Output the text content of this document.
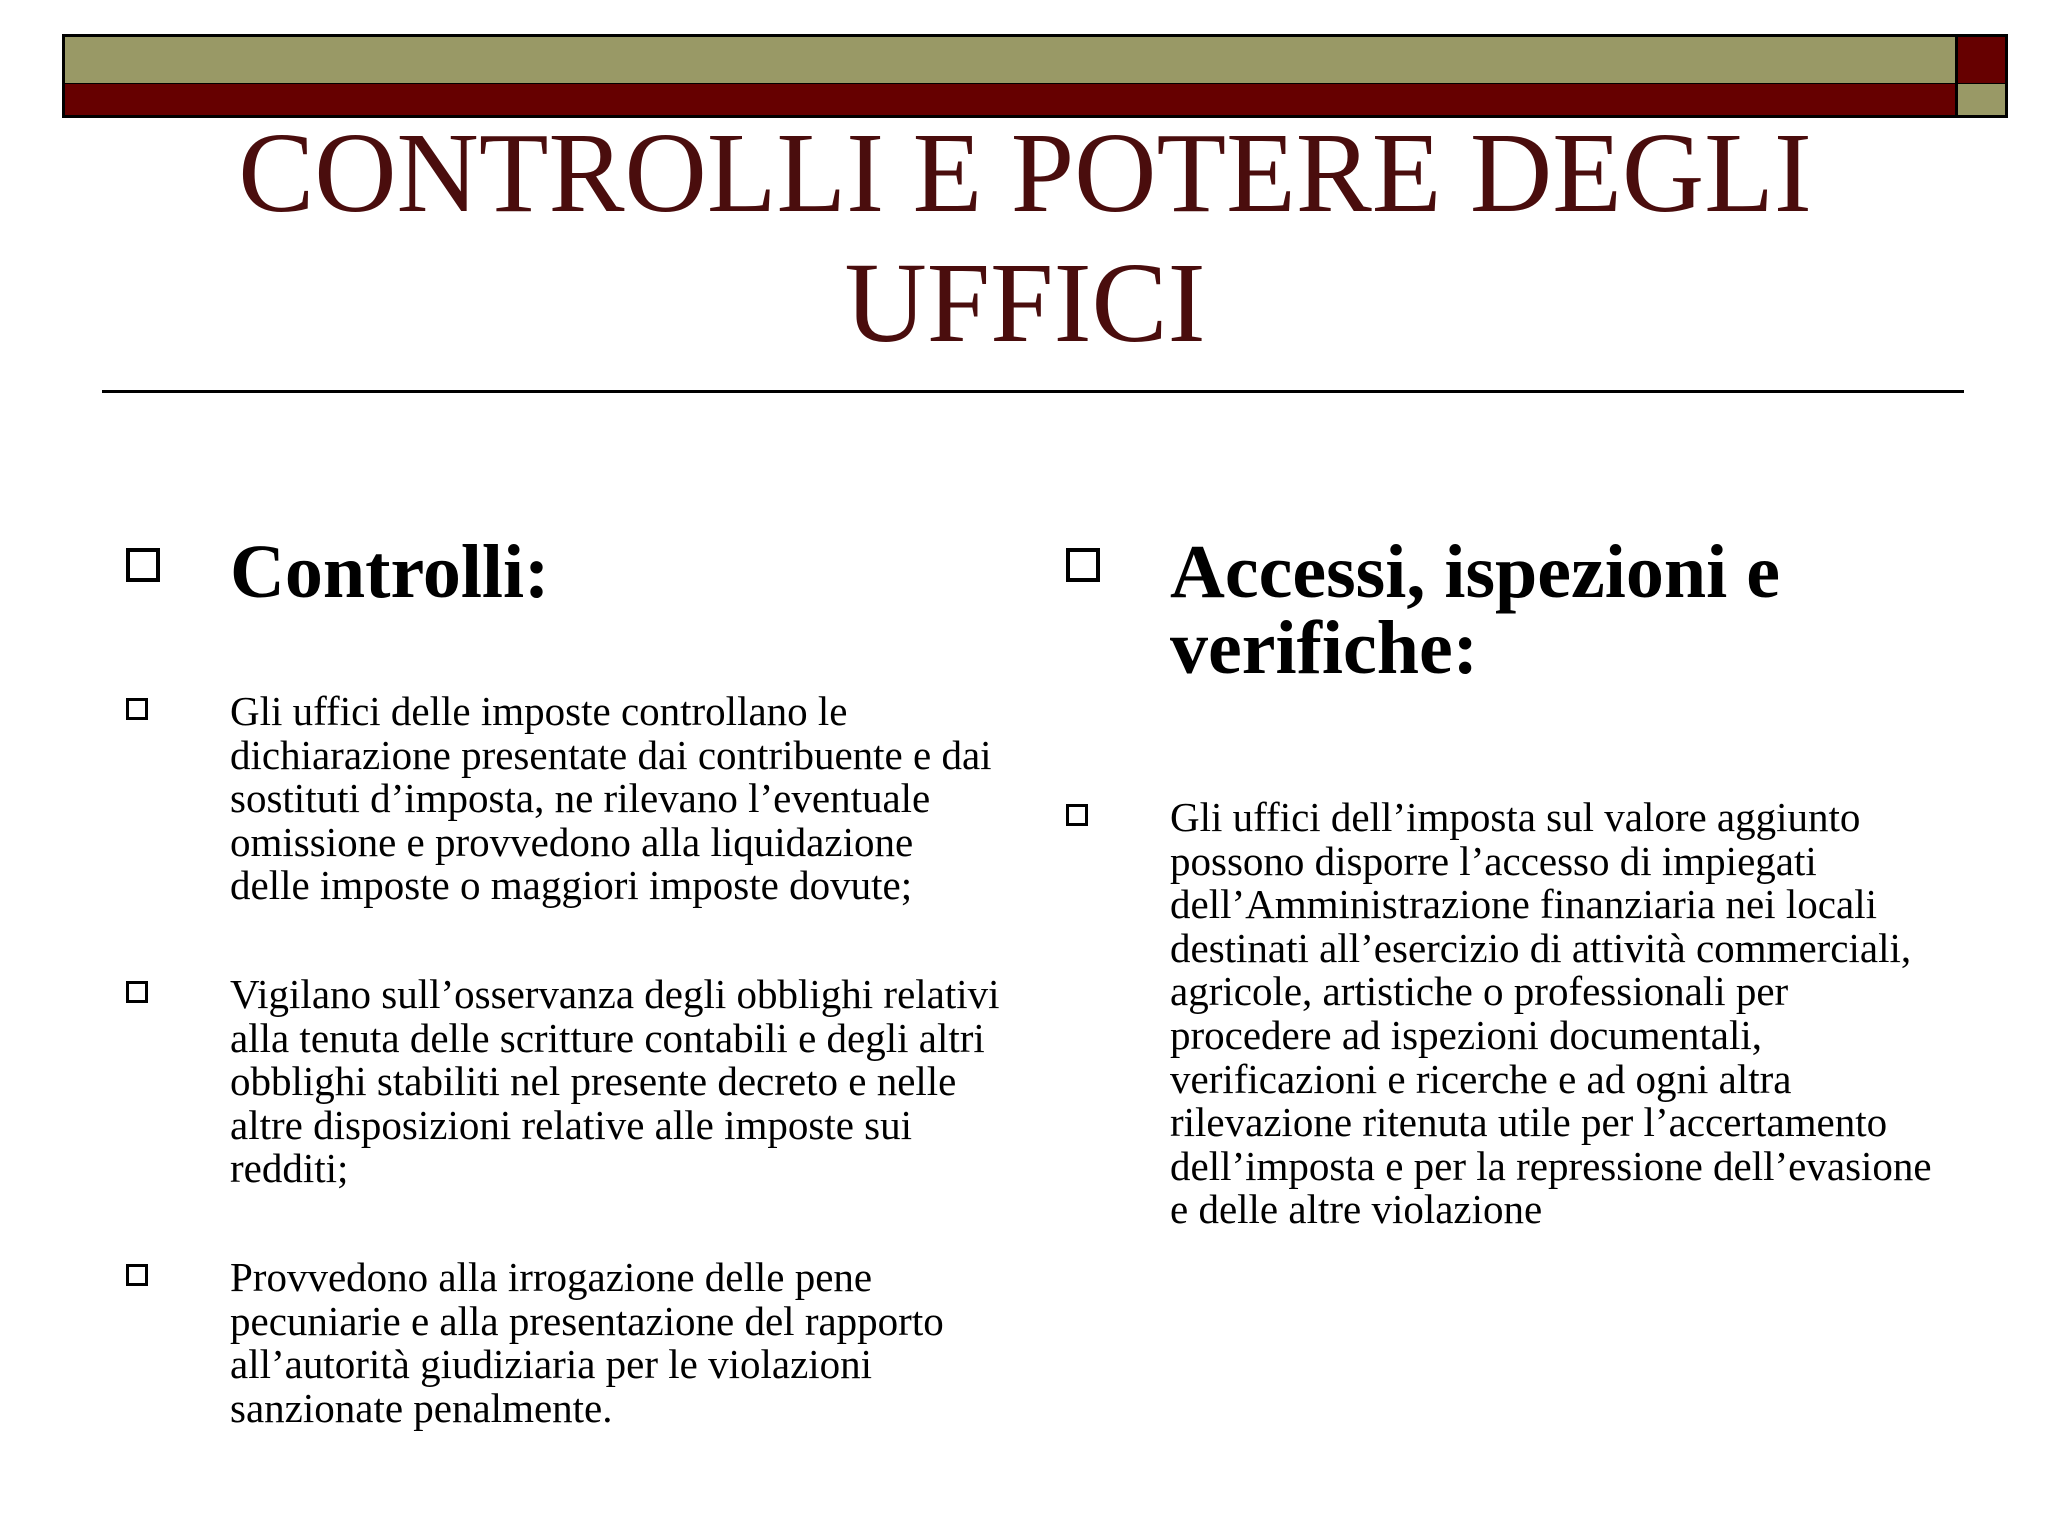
CONTROLLI E POTERE DEGLI UFFICI
Controlli:
Gli uffici delle imposte controllano le dichiarazione presentate dai contribuente e dai sostituti d’imposta, ne rilevano l’eventuale omissione e provvedono alla liquidazione delle imposte o maggiori imposte dovute;
Vigilano sull’osservanza degli obblighi relativi alla tenuta delle scritture contabili e degli altri obblighi stabiliti nel presente decreto e nelle altre disposizioni relative alle imposte sui redditi;
Provvedono alla irrogazione delle pene pecuniarie e alla presentazione del rapporto all’autorità giudiziaria per le violazioni sanzionate penalmente.
Accessi, ispezioni e verifiche:
Gli uffici dell’imposta sul valore aggiunto possono disporre l’accesso di impiegati dell’Amministrazione finanziaria nei locali destinati all’esercizio di attività commerciali, agricole, artistiche o professionali per procedere ad ispezioni documentali, verificazioni e ricerche e ad ogni altra rilevazione ritenuta utile per l’accertamento dell’imposta e per la repressione dell’evasione e delle altre violazione
